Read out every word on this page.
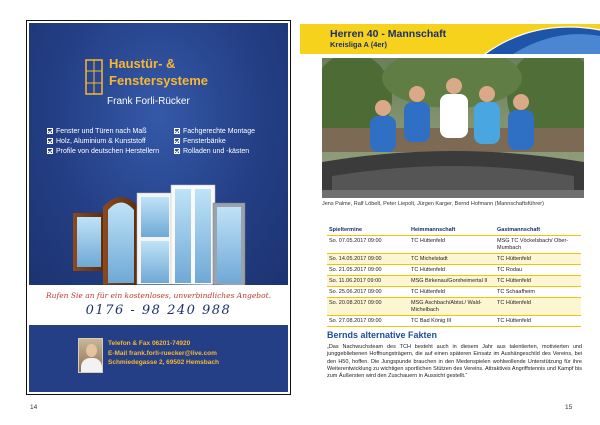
Haustür- &
Fenstersysteme
Frank Forli-Rücker
Fenster und Türen nach Maß
Holz, Aluminium & Kunststoff
Profile von deutschen Herstellern
Fachgerechte Montage
Fensterbänke
Rolladen und -kästen
Rufen Sie an für ein kostenloses, unverbindliches Angebot.
0176 - 98 240 988
Telefon & Fax 06201-74920
E-Mail frank.forli-ruecker@live.com
Schmiedegasse 2, 69502 Hemsbach
14
Herren 40 - Mannschaft
Kreisliga A (4er)
Jens Palme, Ralf Löbelt, Peter Liepolt, Jürgen Karger, Bernd Hofmann (Mannschaftsführer)
Spieltermine	Heimmannschaft	Gastmannschaft
So. 07.05.2017 09:00	TC Hüttenfeld	MSG TC Vöckelsbach/ Ober-Mumbach
So. 14.05.2017 09:00	TC Michelstadt	TC Hüttenfeld
So. 21.05.2017 09:00	TC Hüttenfeld	TC Rodau
So. 11.06.2017 09:00	MSG Birkenau/Gorxheimertal II	TC Hüttenfeld
So. 25.06.2017 09:00	TC Hüttenfeld	TC Schaafheim
So. 20.08.2017 09:00	MSG Aschbach/Abtst./ Wald-Michelbach	TC Hüttenfeld
So. 27.08.2017 09:00	TC Bad König III	TC Hüttenfeld
Bernds alternative Fakten
„Das Nachwuchsteam des TCH besteht auch in diesem Jahr aus talentierten, motivierten und junggebliebenen Hoffnungsträgern, die auf einen späteren Einsatz im Aushängeschild des Vereins, bei den H50, hoffen. Die Jungspunde brauchen in den Medenspielen wohlwollende Unterstützung für ihre Weiterentwicklung zu wichtigen sportlichen Stützen des Vereins. Attraktives Angriffstennis und Kampf bis zum Äußersten wird den Zuschauern in Aussicht gestellt.“
15
